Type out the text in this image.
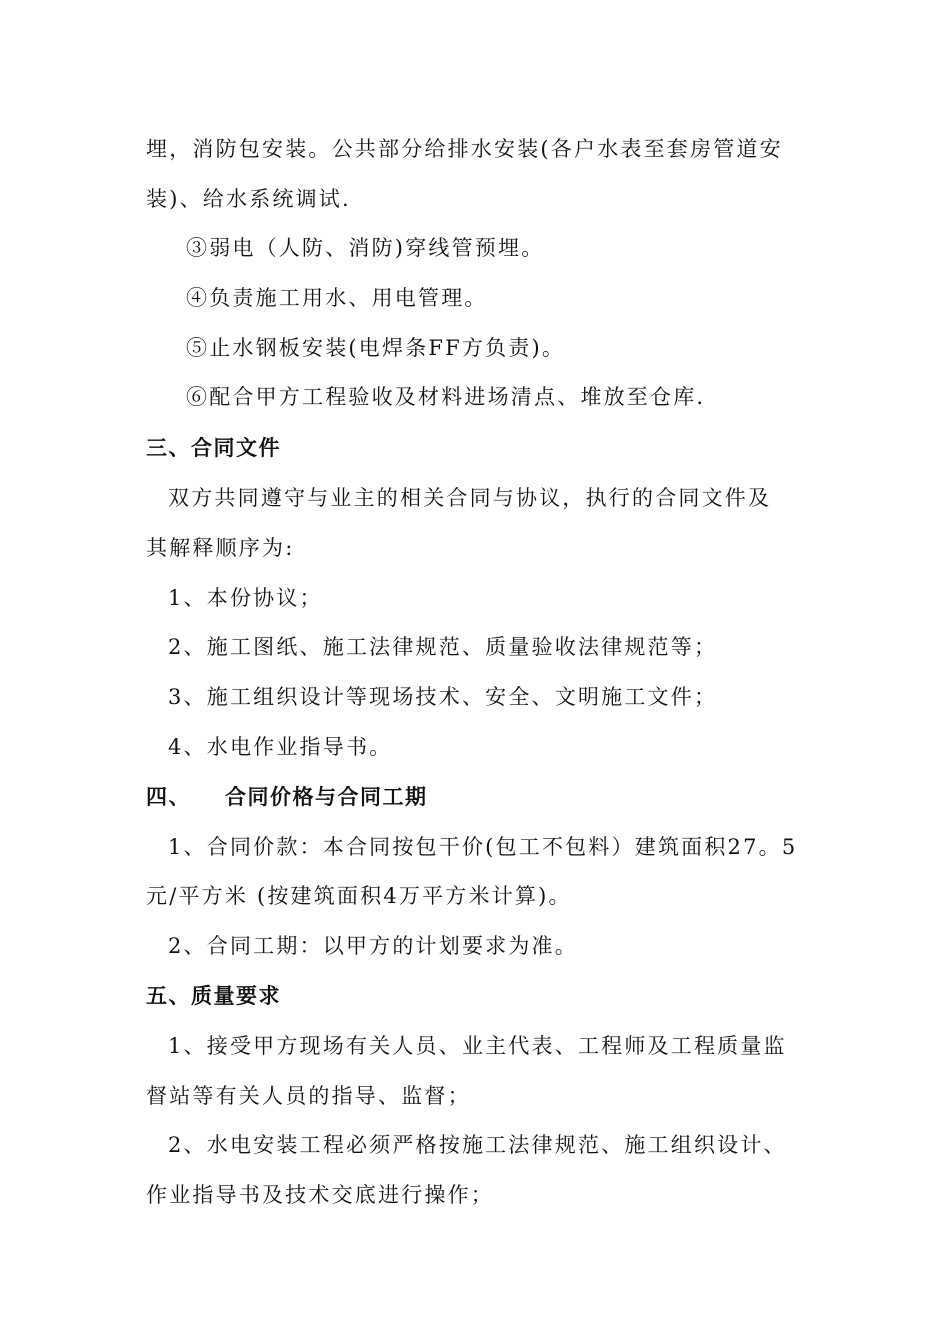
埋，消防包安装。公共部分给排水安装(各户水表至套房管道安
装)、给水系统调试.
③弱电（人防、消防)穿线管预埋。
④负责施工用水、用电管理。
⑤止水钢板安装(电焊条FF方负责)。
⑥配合甲方工程验收及材料进场清点、堆放至仓库.
三、合同文件
双方共同遵守与业主的相关合同与协议，执行的合同文件及
其解释顺序为:
1、本份协议；
2、施工图纸、施工法律规范、质量验收法律规范等；
3、施工组织设计等现场技术、安全、文明施工文件；
4、水电作业指导书。
四、 合同价格与合同工期
1、合同价款：本合同按包干价(包工不包料）建筑面积27。5
元/平方米 (按建筑面积4万平方米计算)。
2、合同工期：以甲方的计划要求为准。
五、质量要求
1、接受甲方现场有关人员、业主代表、工程师及工程质量监
督站等有关人员的指导、监督；
2、水电安装工程必须严格按施工法律规范、施工组织设计、
作业指导书及技术交底进行操作；
